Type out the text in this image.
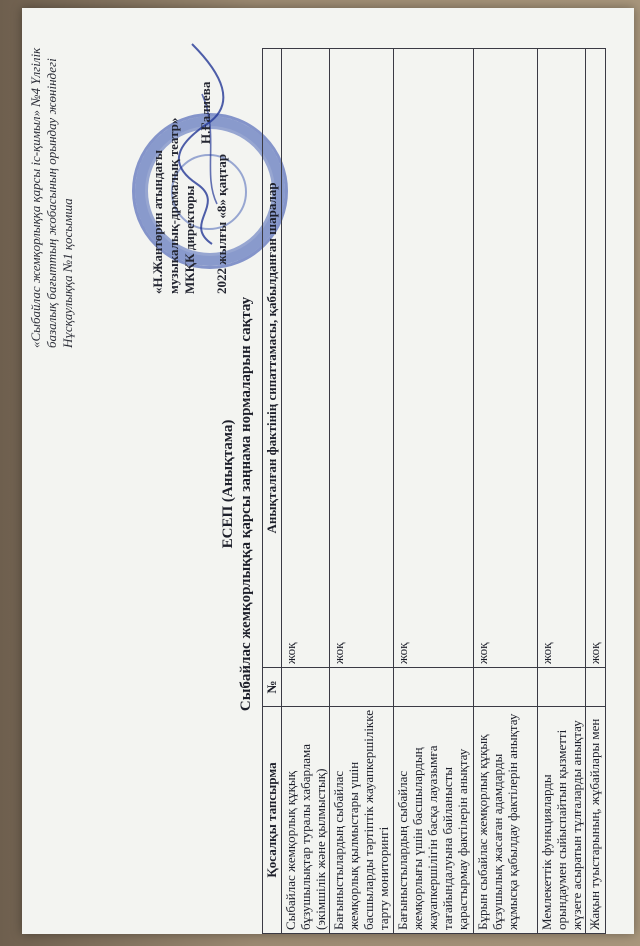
«Сыбайлас жемқорлыққа қарсы іс-қимыл» №4 Үлгілік базалық бағыттың жобасының орындау жөніндегі Нұсқаулыққа №1 қосымша	«Н.Жантөрин атындағы музыкалық-драмалық театр» МКҚК директоры
Н.Ғалиева
2022 жылғы «8» қаңтар
ЕСЕП (Анықтама) Сыбайлас жемқорлыққа қарсы заңнама нормаларын сақтау
Қосалқы тапсырма	№	Анықталған фактінің сипаттамасы, қабылданған шаралар
Сыбайлас жемқорлық құқық бұзушылықтар туралы хабарлама (экімшілік және қылмыстық)		жоқ
Бағыныстылардың сыбайлас жемқорлық қылмыстары үшін басшыларды тәртіптік жауапкершілікке тарту мониторингі		жоқ
Бағыныстылардың сыбайлас жемқорлығы үшін басшылардың жауапкершілігін басқа лауазымға тағайындалуына байланысты қарастырмау фактілерін анықтау		жоқ
Бұрын сыбайлас жемқорлық құқық бұзушылық жасаған адамдарды жұмысқа қабылдау фактілерін анықтау		жоқ
Мемлекеттік функцияларды орындаумен сыйыспайтын қызметті жүзеге асыратын тұлғаларды анықтау		жоқ
Жақын туыстарының, жұбайлары мен		жоқ
